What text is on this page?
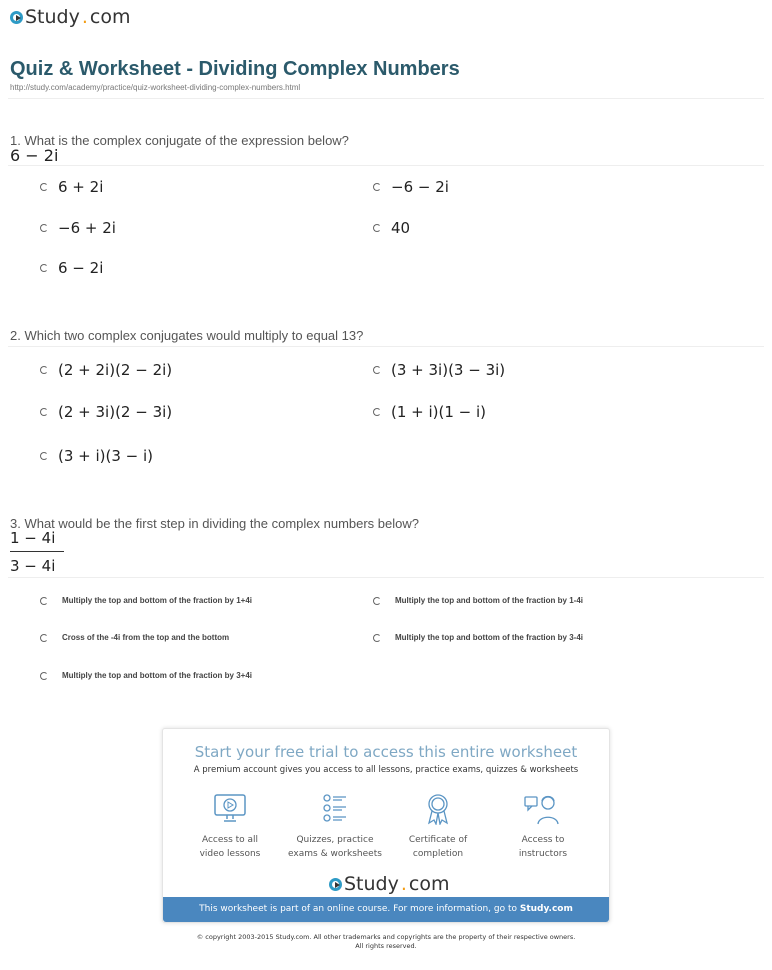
Study . com
Quiz & Worksheet - Dividing Complex Numbers
http://study.com/academy/practice/quiz-worksheet-dividing-complex-numbers.html
1. What is the complex conjugate of the expression below?
6 − 2i
6 + 2i	−6 − 2i
−6 + 2i	40
6 − 2i
2. Which two complex conjugates would multiply to equal 13?
(2 + 2i)(2 − 2i)	(3 + 3i)(3 − 3i)
(2 + 3i)(2 − 3i)	(1 + i)(1 − i)
(3 + i)(3 − i)
3. What would be the first step in dividing the complex numbers below?
1 − 4i
3 − 4i
Multiply the top and bottom of the fraction by 1+4i	Multiply the top and bottom of the fraction by 1-4i
Cross of the -4i from the top and the bottom	Multiply the top and bottom of the fraction by 3-4i
Multiply the top and bottom of the fraction by 3+4i
Start your free trial to access this entire worksheet
A premium account gives you access to all lessons, practice exams, quizzes & worksheets
Access to all
video lessons
Quizzes, practice
exams & worksheets
Certificate of
completion
Access to
instructors
Study . com
This worksheet is part of an online course. For more information, go to Study.com
© copyright 2003-2015 Study.com. All other trademarks and copyrights are the property of their respective owners.
All rights reserved.
